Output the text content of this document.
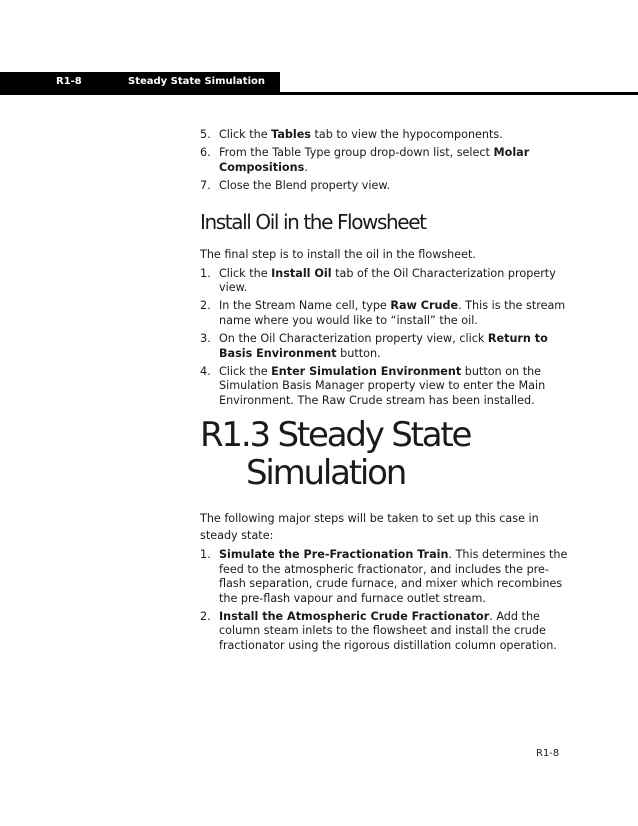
R1-8	Steady State Simulation
5. Click the Tables tab to view the hypocomponents.
6. From the Table Type group drop-down list, select Molar Compositions.
7. Close the Blend property view.
Install Oil in the Flowsheet

The final step is to install the oil in the flowsheet.

1. Click the Install Oil tab of the Oil Characterization property view.
2. In the Stream Name cell, type Raw Crude. This is the stream name where you would like to “install” the oil.
3. On the Oil Characterization property view, click Return to Basis Environment button.
4. Click the Enter Simulation Environment button on the Simulation Basis Manager property view to enter the Main Environment. The Raw Crude stream has been installed.
R1.3 Steady State
Simulation

The following major steps will be taken to set up this case in steady state:

1. Simulate the Pre-Fractionation Train. This determines the feed to the atmospheric fractionator, and includes the pre-flash separation, crude furnace, and mixer which recombines the pre-flash vapour and furnace outlet stream.
2. Install the Atmospheric Crude Fractionator. Add the column steam inlets to the flowsheet and install the crude fractionator using the rigorous distillation column operation.
R1-8
